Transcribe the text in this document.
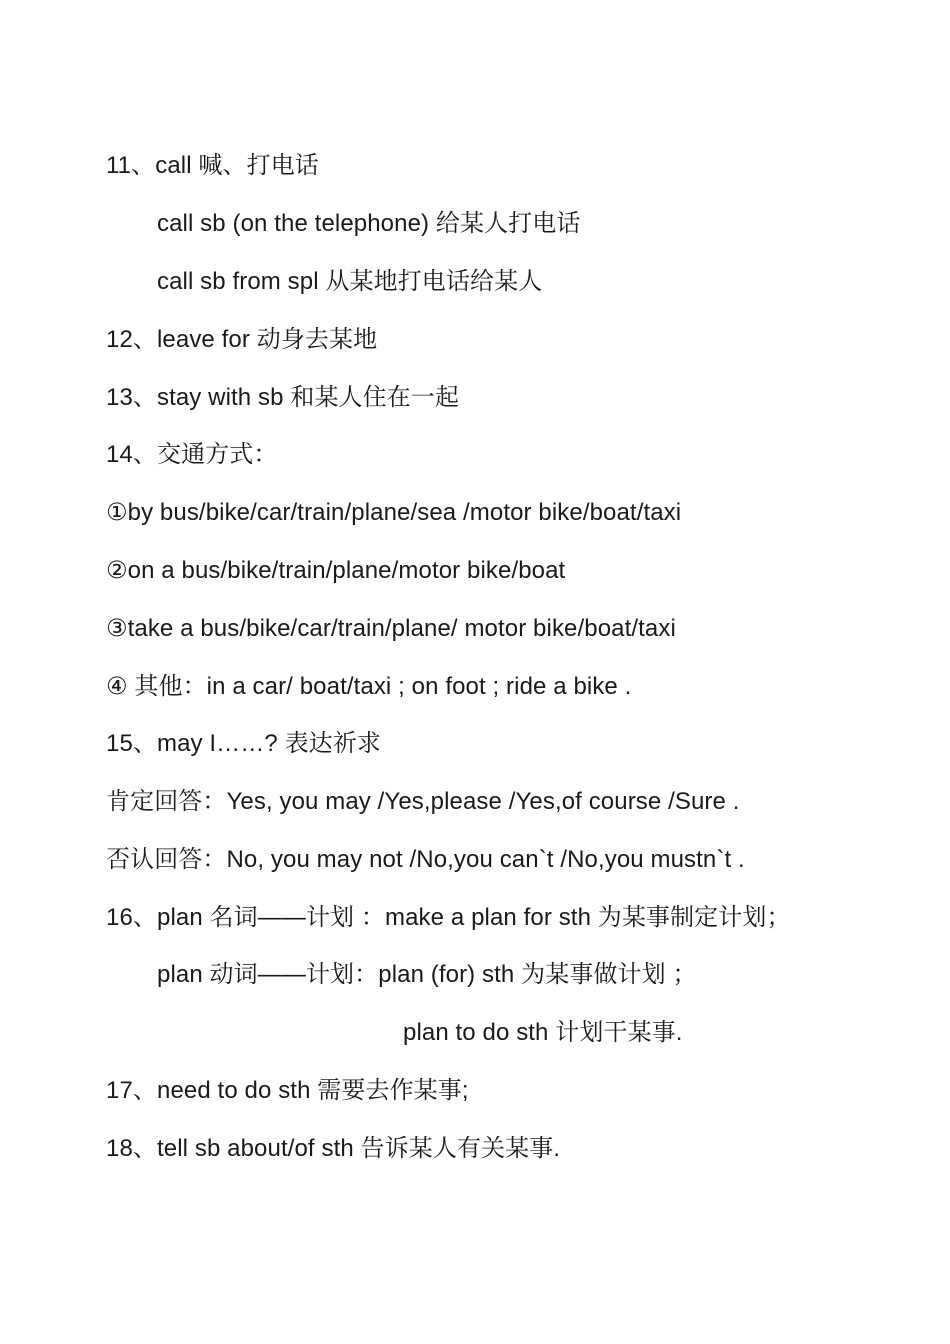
11、call 喊、打电话
call sb (on the telephone) 给某人打电话
call sb from spl 从某地打电话给某人
12、leave for 动身去某地
13、stay with sb 和某人住在一起
14、交通方式：
①by bus/bike/car/train/plane/sea /motor bike/boat/taxi
②on a bus/bike/train/plane/motor bike/boat
③take a bus/bike/car/train/plane/ motor bike/boat/taxi
④ 其他：in a car/ boat/taxi ; on foot ; ride a bike .
15、may I……? 表达祈求
肯定回答：Yes, you may /Yes,please /Yes,of course /Sure .
否认回答：No, you may not /No,you can`t /No,you mustn`t .
16、plan 名词——计划 ：make a plan for sth 为某事制定计划；
plan 动词——计划：plan (for) sth 为某事做计划 ；
plan to do sth 计划干某事.
17、need to do sth 需要去作某事;
18、tell sb about/of sth 告诉某人有关某事.
